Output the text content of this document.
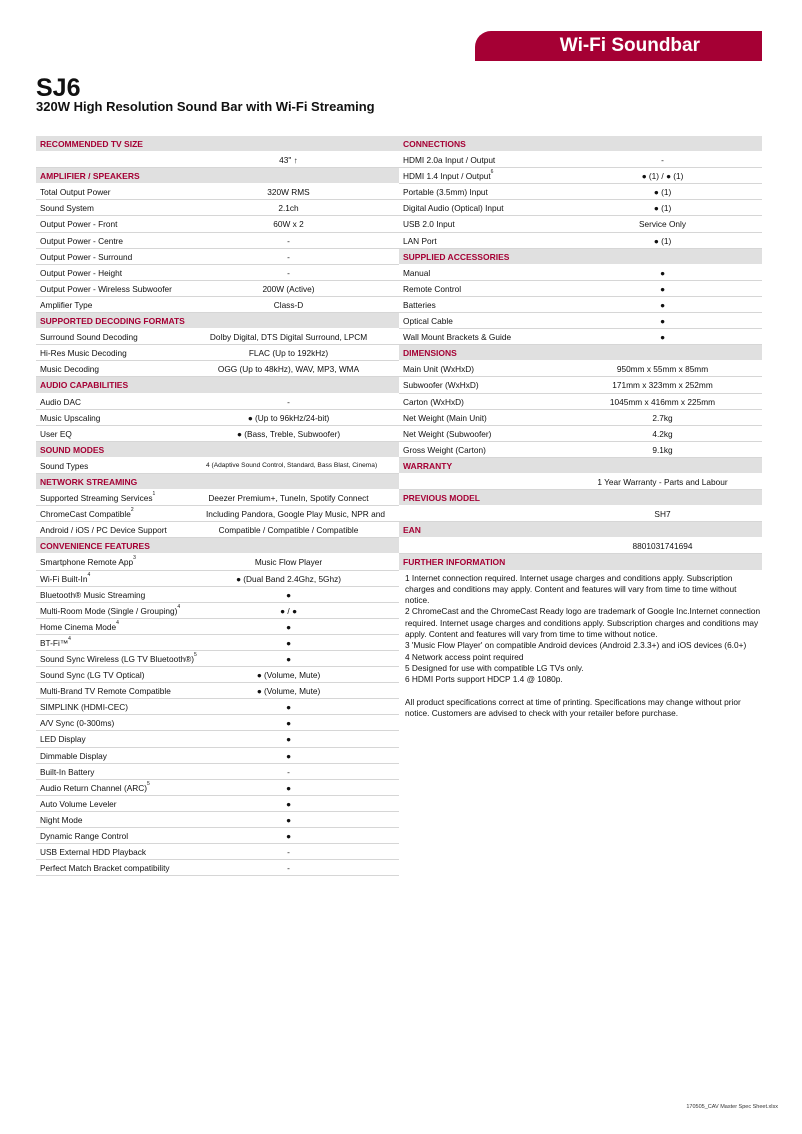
Wi-Fi Soundbar
SJ6
320W High Resolution Sound Bar with Wi-Fi Streaming
RECOMMENDED TV SIZE
43" ↑
AMPLIFIER / SPEAKERS
Total Output Power	320W RMS
Sound System	2.1ch
Output Power - Front	60W x 2
Output Power - Centre	-
Output Power - Surround	-
Output Power - Height	-
Output Power - Wireless Subwoofer	200W (Active)
Amplifier Type	Class-D
SUPPORTED DECODING FORMATS
Surround Sound Decoding	Dolby Digital, DTS Digital Surround, LPCM
Hi-Res Music Decoding	FLAC (Up to 192kHz)
Music Decoding	OGG (Up to 48kHz), WAV, MP3, WMA
AUDIO CAPABILITIES
Audio DAC	-
Music Upscaling	● (Up to 96kHz/24-bit)
User EQ	● (Bass, Treble, Subwoofer)
SOUND MODES
Sound Types	4 (Adaptive Sound Control, Standard, Bass Blast, Cinema)
NETWORK STREAMING
Supported Streaming Services$^1$	Deezer Premium+, TuneIn, Spotify Connect
ChromeCast Compatible$^2$	Including Pandora, Google Play Music, NPR and
Android / iOS / PC Device Support	Compatible / Compatible / Compatible
CONVENIENCE FEATURES
Smartphone Remote App$^3$	Music Flow Player
Wi-Fi Built-In$^4$	● (Dual Band 2.4Ghz, 5Ghz)
Bluetooth® Music Streaming	●
Multi-Room Mode (Single / Grouping)$^4$	● / ●
Home Cinema Mode$^4$	●
BT-Fi™$^4$	●
Sound Sync Wireless (LG TV Bluetooth®)$^5$	●
Sound Sync (LG TV Optical)	● (Volume, Mute)
Multi-Brand TV Remote Compatible	● (Volume, Mute)
SIMPLINK (HDMI-CEC)	●
A/V Sync (0-300ms)	●
LED Display	●
Dimmable Display	●
Built-In Battery	-
Audio Return Channel (ARC)$^5$	●
Auto Volume Leveler	●
Night Mode	●
Dynamic Range Control	●
USB External HDD Playback	-
Perfect Match Bracket compatibility	-
CONNECTIONS
HDMI 2.0a Input / Output	-
HDMI 1.4 Input / Output$^6$	● (1) / ● (1)
Portable (3.5mm) Input	● (1)
Digital Audio (Optical) Input	● (1)
USB 2.0 Input	Service Only
LAN Port	● (1)
SUPPLIED ACCESSORIES
Manual	●
Remote Control	●
Batteries	●
Optical Cable	●
Wall Mount Brackets & Guide	●
DIMENSIONS
Main Unit (WxHxD)	950mm x 55mm x 85mm
Subwoofer (WxHxD)	171mm x 323mm x 252mm
Carton (WxHxD)	1045mm x 416mm x 225mm
Net Weight (Main Unit)	2.7kg
Net Weight (Subwoofer)	4.2kg
Gross Weight (Carton)	9.1kg
WARRANTY
1 Year Warranty - Parts and Labour
PREVIOUS MODEL
SH7
EAN
8801031741694
FURTHER INFORMATION

1 Internet connection required. Internet usage charges and conditions apply. Subscription charges and conditions may apply. Content and features will vary from time to time without notice.

2 ChromeCast and the ChromeCast Ready logo are trademark of Google Inc.Internet connection required. Internet usage charges and conditions apply. Subscription charges and conditions may apply. Content and features will vary from time to time without notice.

3 'Music Flow Player' on compatible Android devices (Android 2.3.3+) and iOS devices (6.0+)

4 Network access point required

5 Designed for use with compatible LG TVs only.

6 HDMI Ports support HDCP 1.4 @ 1080p.

All product specifications correct at time of printing. Specifications may change without prior notice. Customers are advised to check with your retailer before purchase.

170505_CAV Master Spec Sheet.xlsx
